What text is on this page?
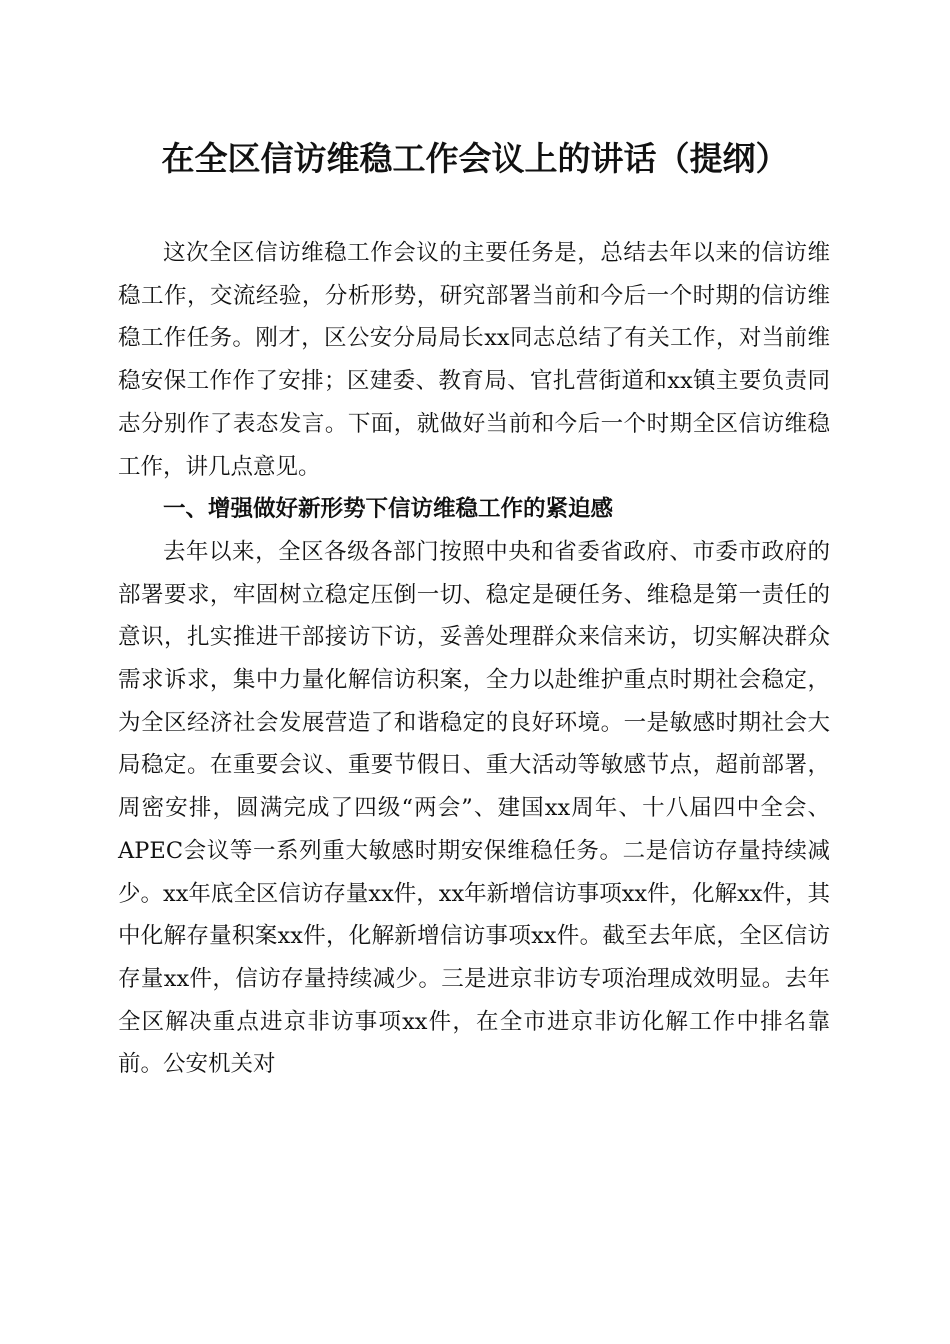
在全区信访维稳工作会议上的讲话（提纲）

这次全区信访维稳工作会议的主要任务是，总结去年以来的信访维稳工作，交流经验，分析形势，研究部署当前和今后一个时期的信访维稳工作任务。刚才，区公安分局局长xx同志总结了有关工作，对当前维稳安保工作作了安排；区建委、教育局、官扎营街道和xx镇主要负责同志分别作了表态发言。下面，就做好当前和今后一个时期全区信访维稳工作，讲几点意见。

一、增强做好新形势下信访维稳工作的紧迫感

去年以来，全区各级各部门按照中央和省委省政府、市委市政府的部署要求，牢固树立稳定压倒一切、稳定是硬任务、维稳是第一责任的意识，扎实推进干部接访下访，妥善处理群众来信来访，切实解决群众需求诉求，集中力量化解信访积案，全力以赴维护重点时期社会稳定，为全区经济社会发展营造了和谐稳定的良好环境。一是敏感时期社会大局稳定。在重要会议、重要节假日、重大活动等敏感节点，超前部署，周密安排，圆满完成了四级“两会”、建国xx周年、十八届四中全会、APEC会议等一系列重大敏感时期安保维稳任务。二是信访存量持续减少。xx年底全区信访存量xx件，xx年新增信访事项xx件，化解xx件，其中化解存量积案xx件，化解新增信访事项xx件。截至去年底，全区信访存量xx件，信访存量持续减少。三是进京非访专项治理成效明显。去年全区解决重点进京非访事项xx件，在全市进京非访化解工作中排名靠前。公安机关对
